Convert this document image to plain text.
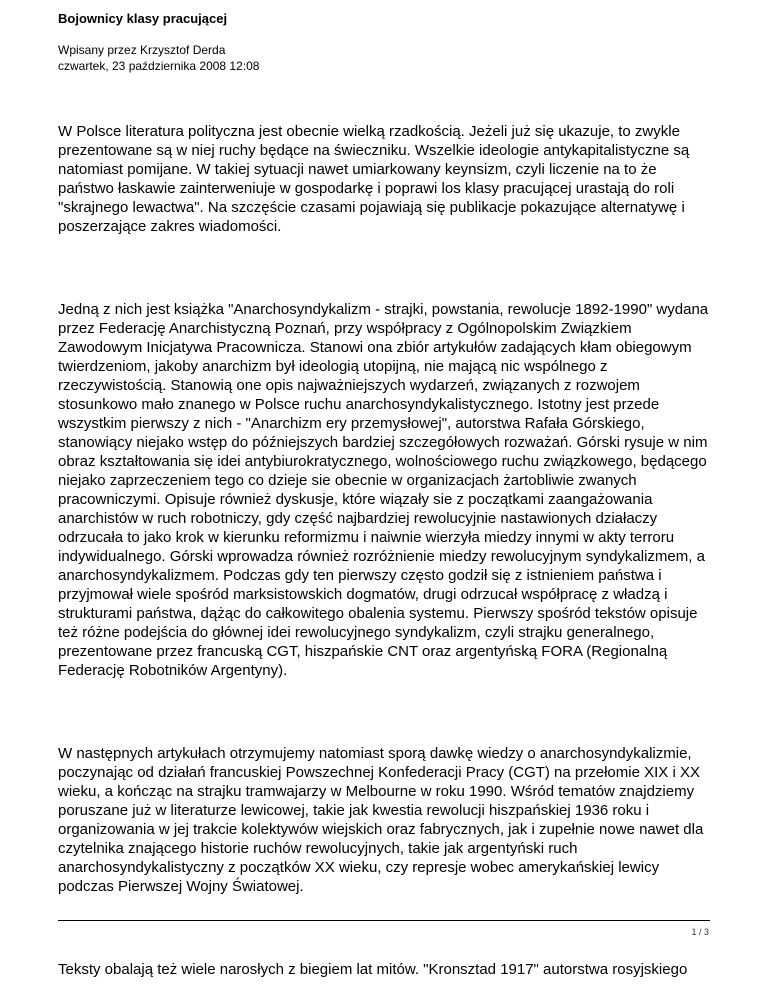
Bojownicy klasy pracującej
Wpisany przez Krzysztof Derda
czwartek, 23 października 2008 12:08

W Polsce literatura polityczna jest obecnie wielką rzadkością. Jeżeli już się ukazuje, to zwykle prezentowane są w niej ruchy będące na świeczniku. Wszelkie ideologie antykapitalistyczne są natomiast pomijane. W takiej sytuacji nawet umiarkowany keynsizm, czyli liczenie na to że państwo łaskawie zainterweniuje w gospodarkę i poprawi los klasy pracującej urastają do roli "skrajnego lewactwa". Na szczęście czasami pojawiają się publikacje pokazujące alternatywę i poszerzające zakres wiadomości.

Jedną z nich jest książka "Anarchosyndykalizm - strajki, powstania, rewolucje 1892-1990" wydana przez Federację Anarchistyczną Poznań, przy współpracy z Ogólnopolskim Związkiem Zawodowym Inicjatywa Pracownicza. Stanowi ona zbiór artykułów zadających kłam obiegowym twierdzeniom, jakoby anarchizm był ideologią utopijną, nie mającą nic wspólnego z rzeczywistością. Stanowią one opis najważniejszych wydarzeń, związanych z rozwojem stosunkowo mało znanego w Polsce ruchu anarchosyndykalistycznego. Istotny jest przede wszystkim pierwszy z nich - "Anarchizm ery przemysłowej", autorstwa Rafała Górskiego, stanowiący niejako wstęp do późniejszych bardziej szczegółowych rozważań. Górski rysuje w nim obraz kształtowania się idei antybiurokratycznego, wolnościowego ruchu związkowego, będącego niejako zaprzeczeniem tego co dzieje sie obecnie w organizacjach żartobliwie zwanych pracowniczymi. Opisuje również dyskusje, które wiązały sie z początkami zaangażowania anarchistów w ruch robotniczy, gdy część najbardziej rewolucyjnie nastawionych działaczy odrzucała to jako krok w kierunku reformizmu i naiwnie wierzyła miedzy innymi w akty terroru indywidualnego. Górski wprowadza również rozróżnienie miedzy rewolucyjnym syndykalizmem, a anarchosyndykalizmem. Podczas gdy ten pierwszy często godził się z istnieniem państwa i przyjmował wiele spośród marksistowskich dogmatów, drugi odrzucał współpracę z władzą i strukturami państwa, dążąc do całkowitego obalenia systemu. Pierwszy spośród tekstów opisuje też różne podejścia do głównej idei rewolucyjnego syndykalizm, czyli strajku generalnego, prezentowane przez francuską CGT, hiszpańskie CNT oraz argentyńską FORA (Regionalną Federację Robotników Argentyny).

W następnych artykułach otrzymujemy natomiast sporą dawkę wiedzy o anarchosyndykalizmie, poczynając od działań francuskiej Powszechnej Konfederacji Pracy (CGT) na przełomie XIX i XX wieku, a kończąc na strajku tramwajarzy w Melbourne w roku 1990. Wśród tematów znajdziemy poruszane już w literaturze lewicowej, takie jak kwestia rewolucji hiszpańskiej 1936 roku i organizowania w jej trakcie kolektywów wiejskich oraz fabrycznych, jak i zupełnie nowe nawet dla czytelnika znającego historie ruchów rewolucyjnych, takie jak argentyński ruch anarchosyndykalistyczny z początków XX wieku, czy represje wobec amerykańskiej lewicy podczas Pierwszej Wojny Światowej.

Teksty obalają też wiele narosłych z biegiem lat mitów. "Kronsztad 1917" autorstwa rosyjskiego

1 / 3
